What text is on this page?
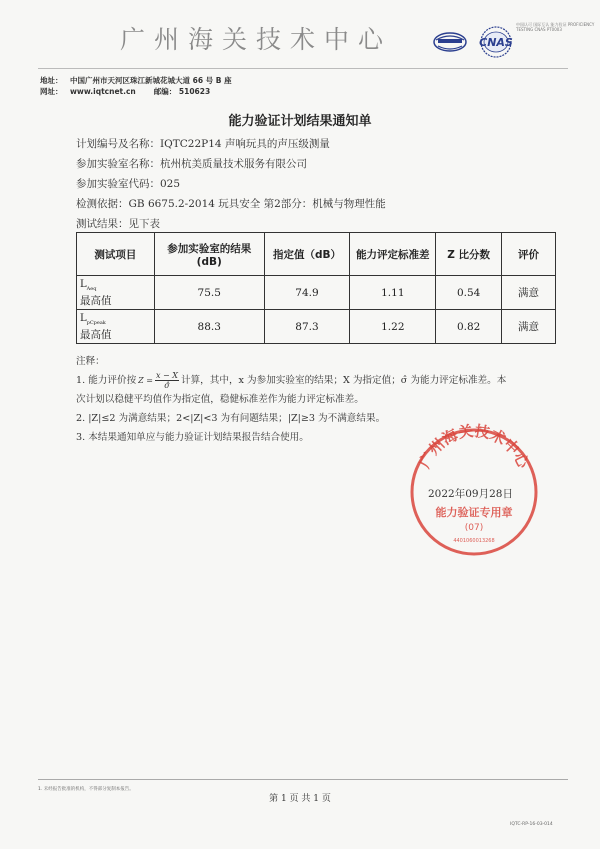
广州海关技术中心	CNAS
中国认可 国际互认 能力验证 PROFICIENCY TESTING CNAS PT0003
地址： 中国广州市天河区珠江新城花城大道 66 号 B 座
网址： www.iqtcnet.cn 邮编： 510623
能力验证计划结果通知单
计划编号及名称：IQTC22P14 声响玩具的声压级测量
参加实验室名称：杭州杭美质量技术服务有限公司
参加实验室代码：025
检测依据：GB 6675.2-2014 玩具安全 第2部分：机械与物理性能
测试结果：见下表
测试项目	参加实验室的结果(dB)	指定值（dB）	能力评定标准差	Z 比分数	评价
$L_{Aeq}$
最高值	75.5	74.9	1.11	0.54	满意
$L_{pCpeak}$
最高值	88.3	87.3	1.22	0.82	满意
注释：
1. 能力评价按 $Z = \frac{x - X}{\sigmâ}$ 计算，其中，x 为参加实验室的结果；X 为指定值；σ̂ 为能力评定标准差。本
次计划以稳健平均值作为指定值，稳健标准差作为能力评定标准差。
2. |Z|≤2 为满意结果；2<|Z|<3 为有问题结果；|Z|≥3 为不满意结果。
3. 本结果通知单应与能力验证计划结果报告结合使用。
广州海关技术中心
能力验证专用章
(07)
4401060013268
2022年09月28日
1. 未经报告批准的机构，不得部分复制本报告。
第 1 页 共 1 页
IQTC-RP-16-03-014
